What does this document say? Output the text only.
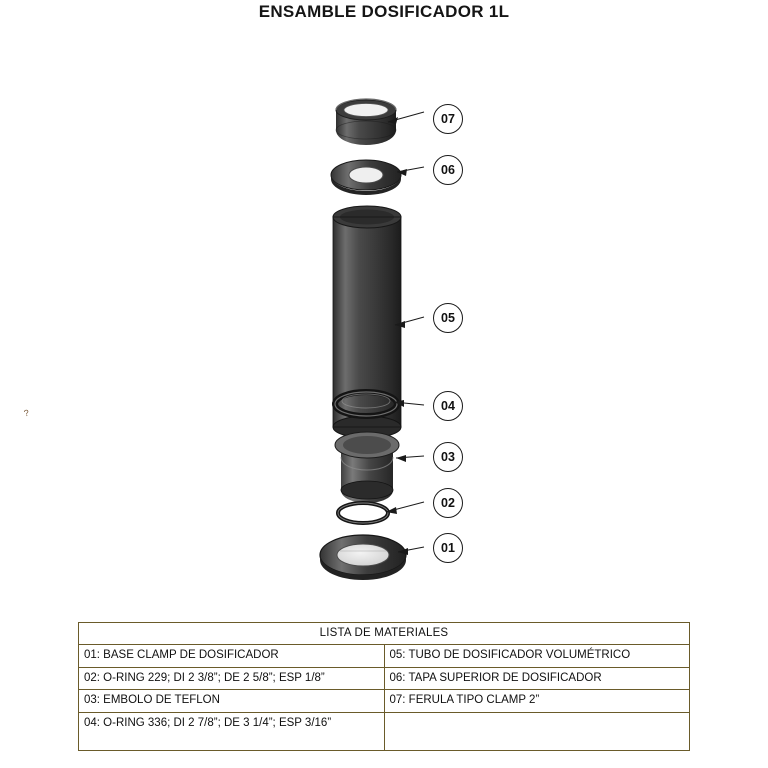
ENSAMBLE DOSIFICADOR 1L
?
07
06
05
04
03
02
01
LISTA DE MATERIALES	
01: BASE CLAMP DE DOSIFICADOR	05: TUBO DE DOSIFICADOR VOLUMÉTRICO
02: O-RING 229; DI 2 3/8”; DE 2 5/8”; ESP 1/8”	06: TAPA SUPERIOR DE DOSIFICADOR
03: EMBOLO DE TEFLON	07: FERULA TIPO CLAMP 2”
04: O-RING 336; DI 2 7/8”; DE 3 1/4”; ESP 3/16”	
